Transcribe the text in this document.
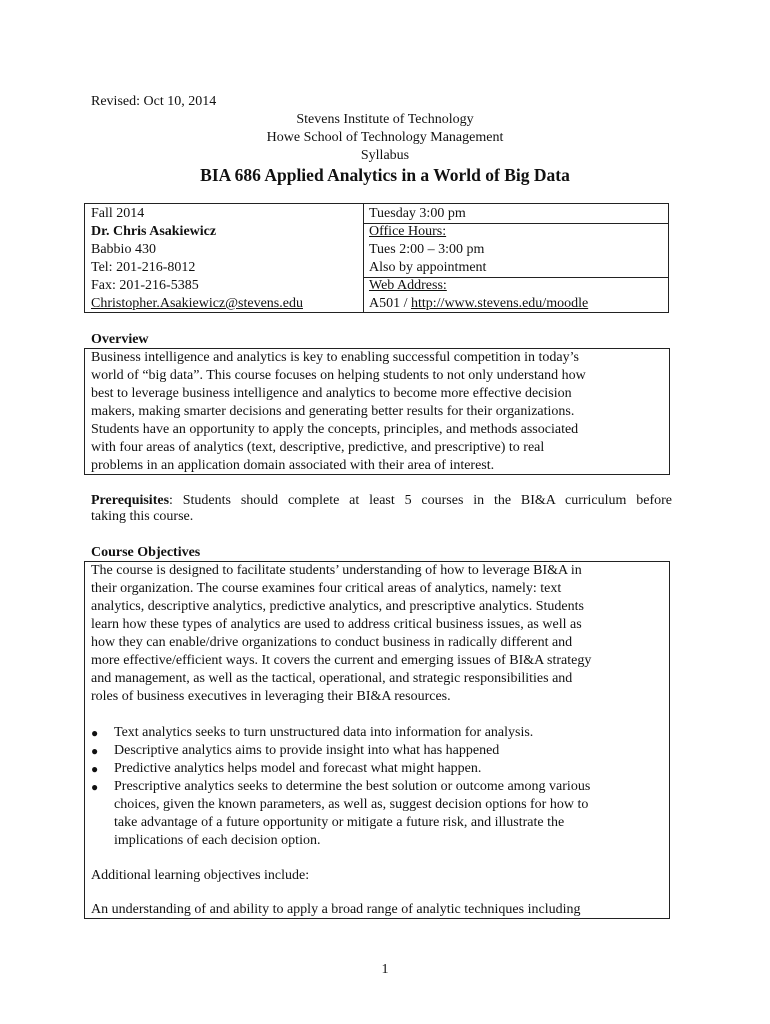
Revised: Oct 10, 2014
Stevens Institute of Technology
Howe School of Technology Management
Syllabus
BIA 686 Applied Analytics in a World of Big Data
Fall 2014
Dr. Chris Asakiewicz
Babbio 430
Tel: 201-216-8012
Fax: 201-216-5385
Christopher.Asakiewicz@stevens.edu
Tuesday 3:00 pm
Office Hours:
Tues 2:00 – 3:00 pm
Also by appointment
Web Address:
A501 / http://www.stevens.edu/moodle
Overview
Business intelligence and analytics is key to enabling successful competition in today’s
world of “big data”. This course focuses on helping students to not only understand how
best to leverage business intelligence and analytics to become more effective decision
makers, making smarter decisions and generating better results for their organizations.
Students have an opportunity to apply the concepts, principles, and methods associated
with four areas of analytics (text, descriptive, predictive, and prescriptive) to real
problems in an application domain associated with their area of interest.
Prerequisites: Students should complete at least 5 courses in the BI&A curriculum before
taking this course.
Course Objectives
The course is designed to facilitate students’ understanding of how to leverage BI&A in
their organization. The course examines four critical areas of analytics, namely: text
analytics, descriptive analytics, predictive analytics, and prescriptive analytics. Students
learn how these types of analytics are used to address critical business issues, as well as
how they can enable/drive organizations to conduct business in radically different and
more effective/efficient ways. It covers the current and emerging issues of BI&A strategy
and management, as well as the tactical, operational, and strategic responsibilities and
roles of business executives in leveraging their BI&A resources.
● Text analytics seeks to turn unstructured data into information for analysis.
● Descriptive analytics aims to provide insight into what has happened
● Predictive analytics helps model and forecast what might happen.
● Prescriptive analytics seeks to determine the best solution or outcome among various
choices, given the known parameters, as well as, suggest decision options for how to
take advantage of a future opportunity or mitigate a future risk, and illustrate the
implications of each decision option.
Additional learning objectives include:
An understanding of and ability to apply a broad range of analytic techniques including
1
